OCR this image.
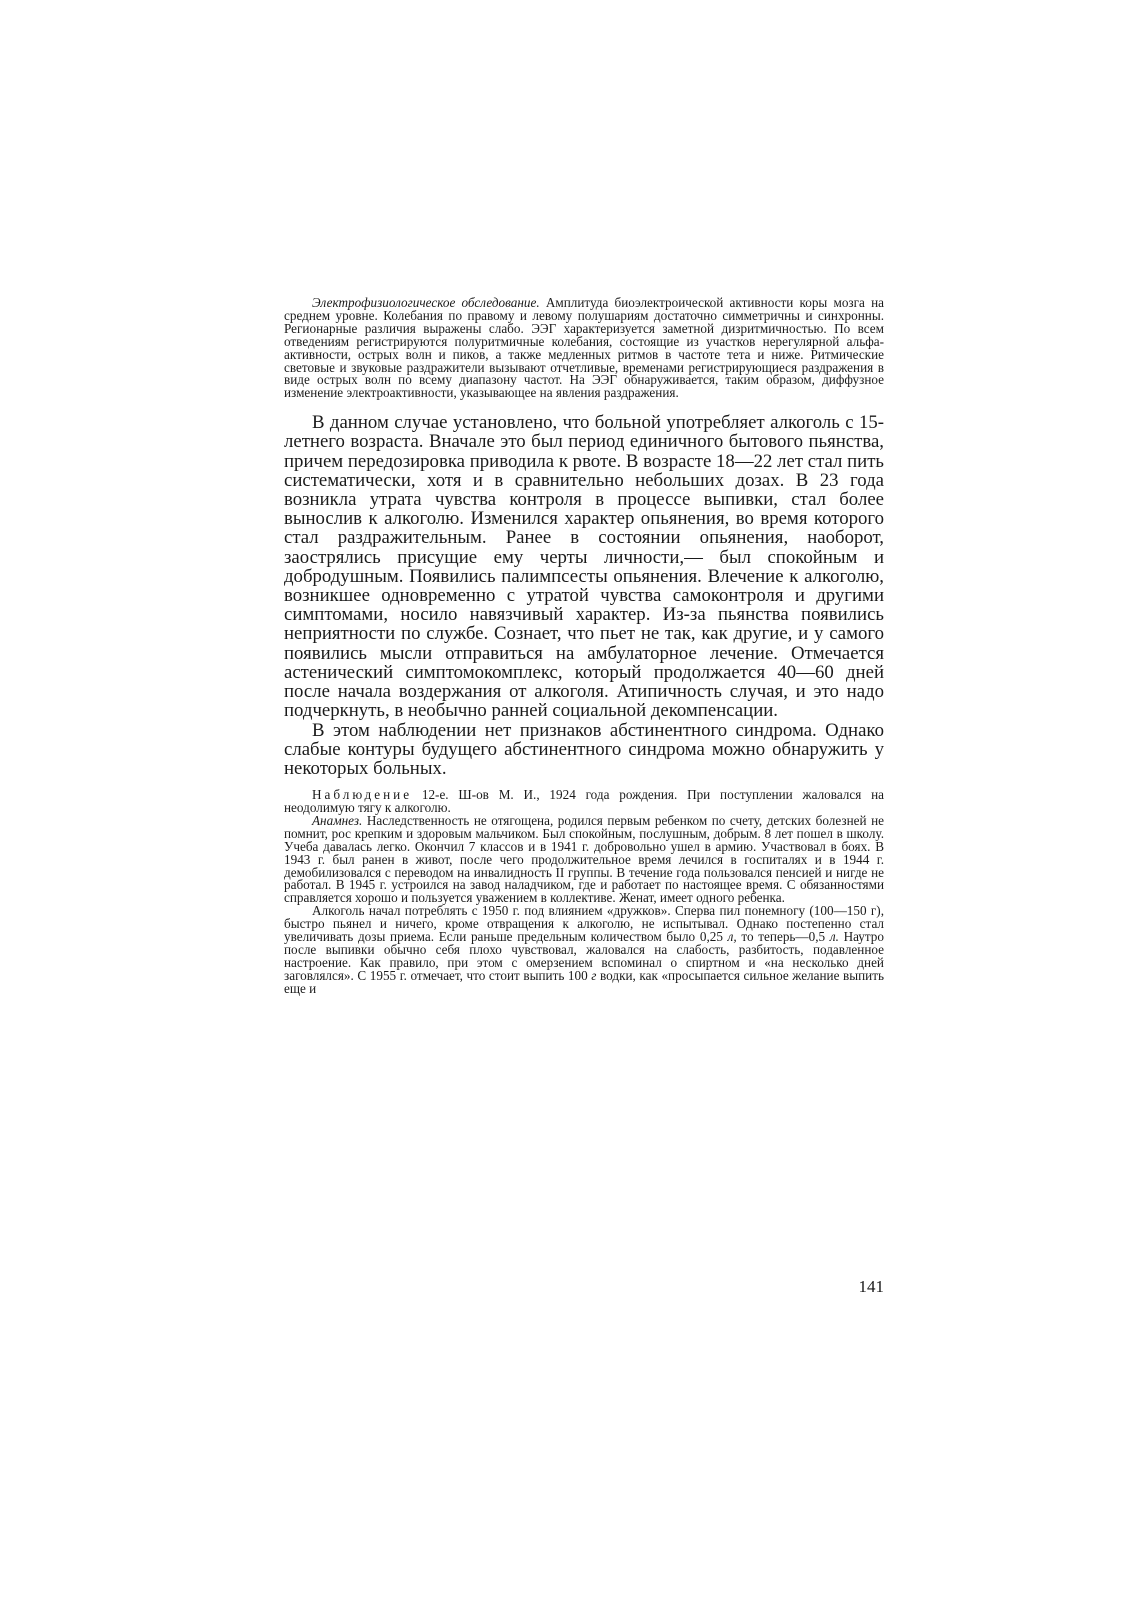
Электрофизиологическое обследование. Амплитуда биоэлектроической активности коры мозга на среднем уровне. Колебания по правому и левому полушариям достаточно симметричны и синхронны. Регионарные различия выражены слабо. ЭЭГ характеризуется заметной дизритмичностью. По всем отведениям регистрируются полуритмичные колебания, состоящие из участков нерегулярной альфа-активности, острых волн и пиков, а также медленных ритмов в частоте тета и ниже. Ритмические световые и звуковые раздражители вызывают отчетливые, временами регистрирующиеся раздражения в виде острых волн по всему диапазону частот. На ЭЭГ обнаруживается, таким образом, диффузное изменение электроактивности, указывающее на явления раздражения.

В данном случае установлено, что больной употребляет алкоголь с 15-летнего возраста. Вначале это был период единичного бытового пьянства, причем передозировка приводила к рвоте. В возрасте 18—22 лет стал пить систематически, хотя и в сравнительно небольших дозах. В 23 года возникла утрата чувства контроля в процессе выпивки, стал более вынослив к алкоголю. Изменился характер опьянения, во время которого стал раздражительным. Ранее в состоянии опьянения, наоборот, заострялись присущие ему черты личности,— был спокойным и добродушным. Появились палимпсесты опьянения. Влечение к алкоголю, возникшее одновременно с утратой чувства самоконтроля и другими симптомами, носило навязчивый характер. Из-за пьянства появились неприятности по службе. Сознает, что пьет не так, как другие, и у самого появились мысли отправиться на амбулаторное лечение. Отмечается астенический симптомокомплекс, который продолжается 40—60 дней после начала воздержания от алкоголя. Атипичность случая, и это надо подчеркнуть, в необычно ранней социальной декомпенсации.

В этом наблюдении нет признаков абстинентного синдрома. Однако слабые контуры будущего абстинентного синдрома можно обнаружить у некоторых больных.

Наблюдение 12-е. Ш-ов М. И., 1924 года рождения. При поступлении жаловался на неодолимую тягу к алкоголю.

Анамнез. Наследственность не отягощена, родился первым ребенком по счету, детских болезней не помнит, рос крепким и здоровым мальчиком. Был спокойным, послушным, добрым. 8 лет пошел в школу. Учеба давалась легко. Окончил 7 классов и в 1941 г. добровольно ушел в армию. Участвовал в боях. В 1943 г. был ранен в живот, после чего продолжительное время лечился в госпиталях и в 1944 г. демобилизовался с переводом на инвалидность II группы. В течение года пользовался пенсией и нигде не работал. В 1945 г. устроился на завод наладчиком, где и работает по настоящее время. С обязанностями справляется хорошо и пользуется уважением в коллективе. Женат, имеет одного ребенка.

Алкоголь начал потреблять с 1950 г. под влиянием «дружков». Сперва пил понемногу (100—150 г), быстро пьянел и ничего, кроме отвращения к алкоголю, не испытывал. Однако постепенно стал увеличивать дозы приема. Если раньше предельным количеством было 0,25 л, то теперь—0,5 л. Наутро после выпивки обычно себя плохо чувствовал, жаловался на слабость, разбитость, подавленное настроение. Как правило, при этом с омерзением вспоминал о спиртном и «на несколько дней заговлялся». С 1955 г. отмечает, что стоит выпить 100 г водки, как «просыпается сильное желание выпить еще и

141
